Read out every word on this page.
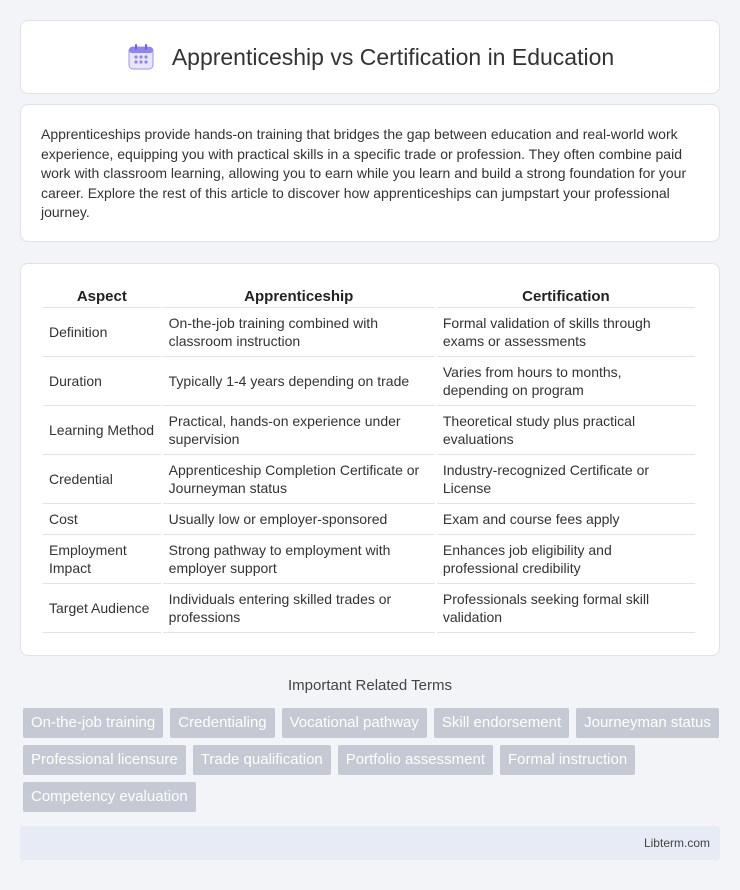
Apprenticeship vs Certification in Education

Apprenticeships provide hands-on training that bridges the gap between education and real-world work experience, equipping you with practical skills in a specific trade or profession. They often combine paid work with classroom learning, allowing you to earn while you learn and build a strong foundation for your career. Explore the rest of this article to discover how apprenticeships can jumpstart your professional journey.

Aspect	Apprenticeship	Certification
Definition	On-the-job training combined with classroom instruction	Formal validation of skills through exams or assessments
Duration	Typically 1-4 years depending on trade	Varies from hours to months, depending on program
Learning Method	Practical, hands-on experience under supervision	Theoretical study plus practical evaluations
Credential	Apprenticeship Completion Certificate or Journeyman status	Industry-recognized Certificate or License
Cost	Usually low or employer-sponsored	Exam and course fees apply
Employment Impact	Strong pathway to employment with employer support	Enhances job eligibility and professional credibility
Target Audience	Individuals entering skilled trades or professions	Professionals seeking formal skill validation
Important Related Terms
On-the-job training	Credentialing	Vocational pathway	Skill endorsement	Journeyman status
Professional licensure	Trade qualification	Portfolio assessment	Formal instruction
Competency evaluation
Libterm.com
